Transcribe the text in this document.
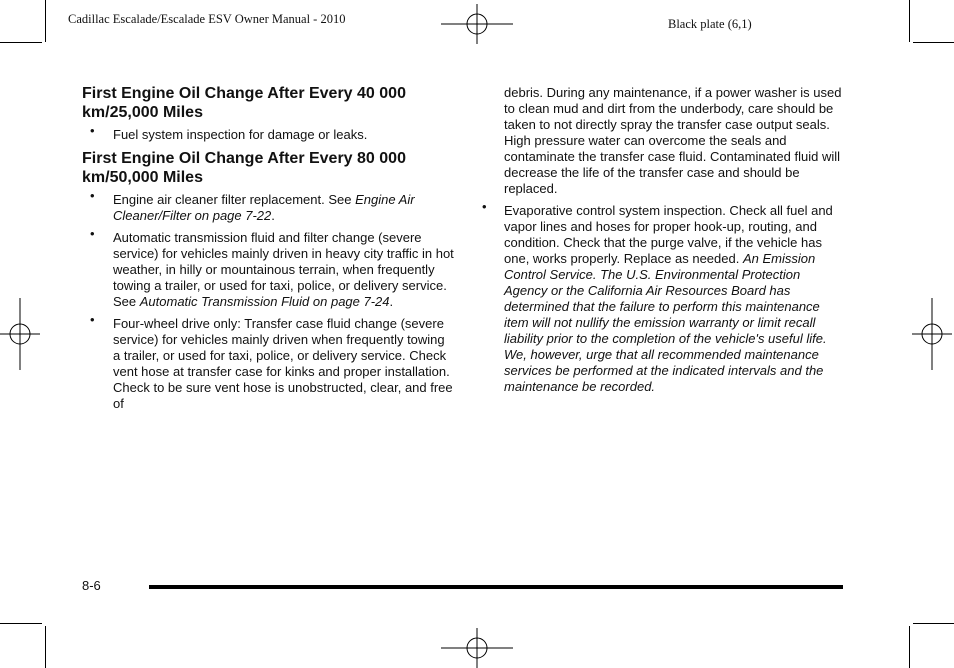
Cadillac Escalade/Escalade ESV Owner Manual - 2010	Black plate (6,1)
First Engine Oil Change After Every 40 000 km/25,000 Miles
• Fuel system inspection for damage or leaks.
First Engine Oil Change After Every 80 000 km/50,000 Miles
• Engine air cleaner filter replacement. See Engine Air Cleaner/Filter on page 7-22.
• Automatic transmission fluid and filter change (severe service) for vehicles mainly driven in heavy city traffic in hot weather, in hilly or mountainous terrain, when frequently towing a trailer, or used for taxi, police, or delivery service. See Automatic Transmission Fluid on page 7-24.
• Four-wheel drive only: Transfer case fluid change (severe service) for vehicles mainly driven when frequently towing a trailer, or used for taxi, police, or delivery service. Check vent hose at transfer case for kinks and proper installation. Check to be sure vent hose is unobstructed, clear, and free of
debris. During any maintenance, if a power washer is used to clean mud and dirt from the underbody, care should be taken to not directly spray the transfer case output seals. High pressure water can overcome the seals and contaminate the transfer case fluid. Contaminated fluid will decrease the life of the transfer case and should be replaced.
• Evaporative control system inspection. Check all fuel and vapor lines and hoses for proper hook-up, routing, and condition. Check that the purge valve, if the vehicle has one, works properly. Replace as needed. An Emission Control Service. The U.S. Environmental Protection Agency or the California Air Resources Board has determined that the failure to perform this maintenance item will not nullify the emission warranty or limit recall liability prior to the completion of the vehicle's useful life. We, however, urge that all recommended maintenance services be performed at the indicated intervals and the maintenance be recorded.
8-6
